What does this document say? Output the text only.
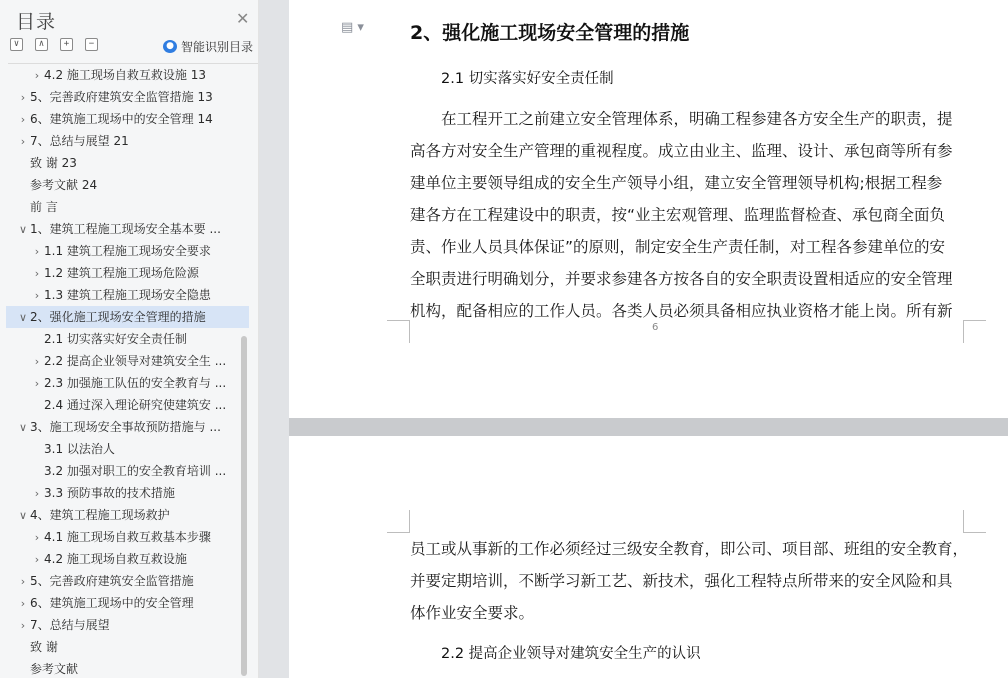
目录	✕
∨	∧	+	−	● 智能识别目录
› 4.2 施工现场自救互救设施 13
› 5、完善政府建筑安全监管措施 13
› 6、建筑施工现场中的安全管理 14
› 7、总结与展望 21
致 谢 23
参考文献 24
前 言
∨ 1、建筑工程施工现场安全基本要 ...
› 1.1 建筑工程施工现场安全要求
› 1.2 建筑工程施工现场危险源
› 1.3 建筑工程施工现场安全隐患
∨ 2、强化施工现场安全管理的措施
2.1 切实落实好安全责任制
› 2.2 提高企业领导对建筑安全生 ...
› 2.3 加强施工队伍的安全教育与 ...
2.4 通过深入理论研究使建筑安 ...
∨ 3、施工现场安全事故预防措施与 ...
3.1 以法治人
3.2 加强对职工的安全教育培训 ...
› 3.3 预防事故的技术措施
∨ 4、建筑工程施工现场救护
› 4.1 施工现场自救互救基本步骤
› 4.2 施工现场自救互救设施
› 5、完善政府建筑安全监管措施
› 6、建筑施工现场中的安全管理
› 7、总结与展望
致 谢
参考文献
▤ ▾ 2、强化施工现场安全管理的措施
2.1 切实落实好安全责任制
　　在工程开工之前建立安全管理体系，明确工程参建各方安全生产的职责，提
高各方对安全生产管理的重视程度。成立由业主、监理、设计、承包商等所有参
建单位主要领导组成的安全生产领导小组，建立安全管理领导机构;根据工程参
建各方在工程建设中的职责，按“业主宏观管理、监理监督检查、承包商全面负
责、作业人员具体保证”的原则，制定安全生产责任制，对工程各参建单位的安
全职责进行明确划分，并要求参建各方按各自的安全职责设置相适应的安全管理
机构，配备相应的工作人员。各类人员必须具备相应执业资格才能上岗。所有新
6
员工或从事新的工作必须经过三级安全教育，即公司、项目部、班组的安全教育，
并要定期培训，不断学习新工艺、新技术，强化工程特点所带来的安全风险和具
体作业安全要求。
2.2 提高企业领导对建筑安全生产的认识
